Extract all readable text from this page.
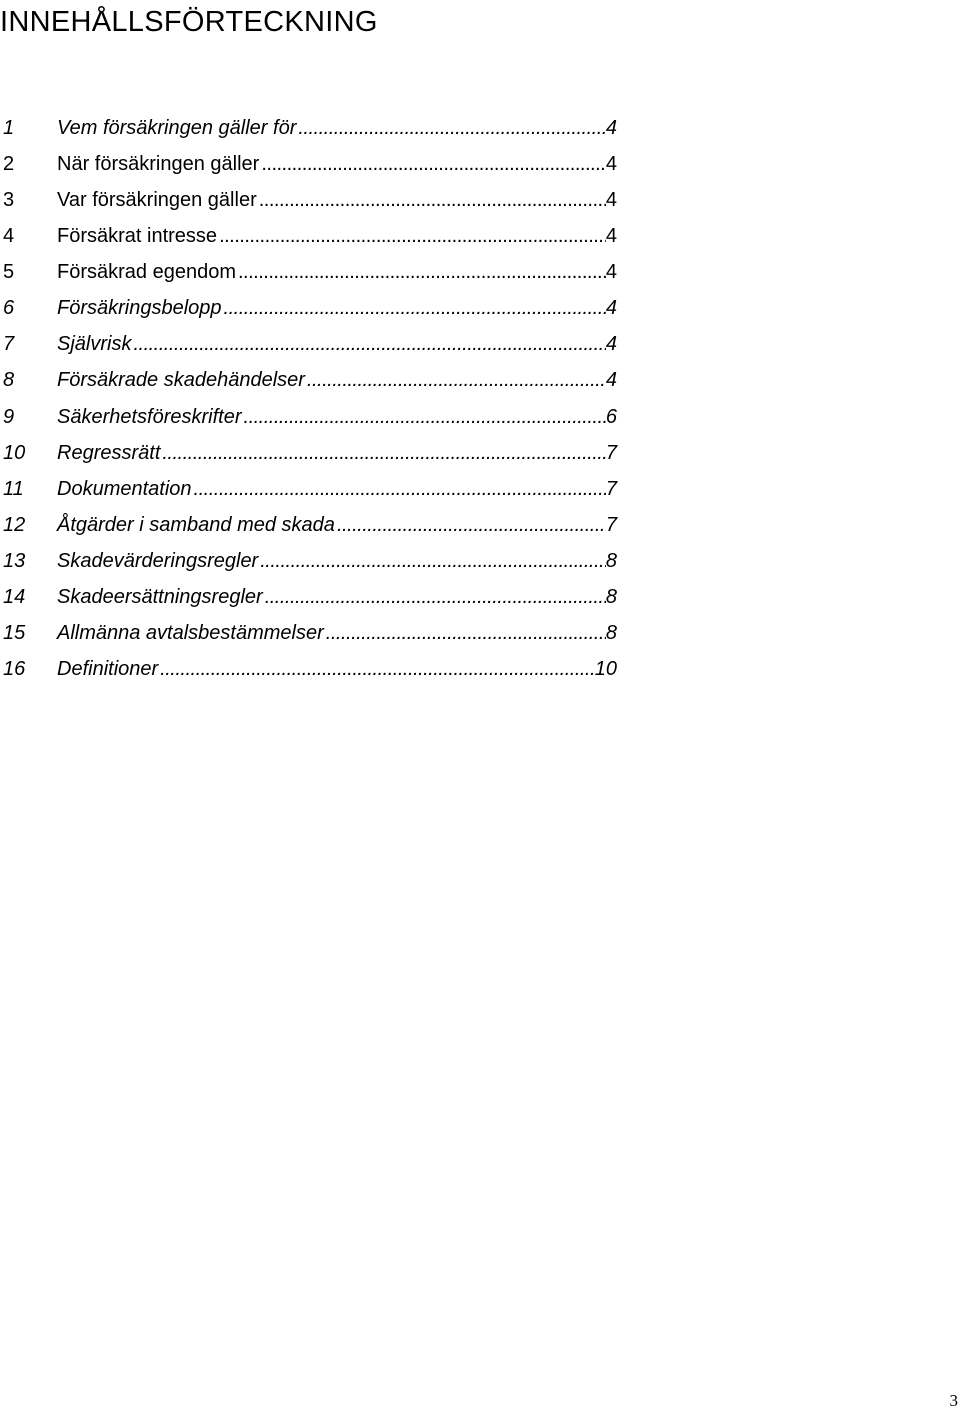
INNEHÅLLSFÖRTECKNING
1	Vem försäkringen gäller för .....	4
2	När försäkringen gäller .....	4
3	Var försäkringen gäller .....	4
4	Försäkrat intresse .....	4
5	Försäkrad egendom .....	4
6	Försäkringsbelopp .....	4
7	Självrisk .....	4
8	Försäkrade skadehändelser .....	4
9	Säkerhetsföreskrifter .....	6
10	Regressrätt .....	7
11	Dokumentation .....	7
12	Åtgärder i samband med skada .....	7
13	Skadevärderingsregler .....	8
14	Skadeersättningsregler .....	8
15	Allmänna avtalsbestämmelser .....	8
16	Definitioner .....	10
3
